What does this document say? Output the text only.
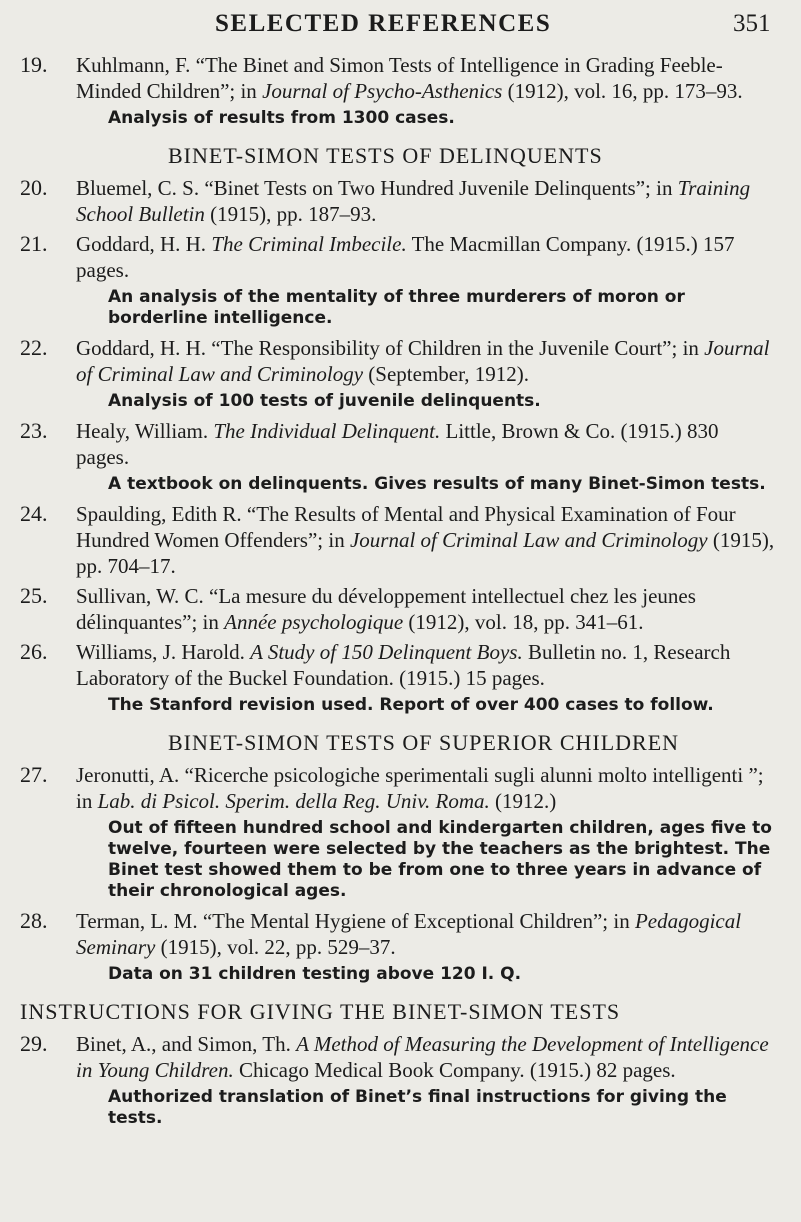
SELECTED REFERENCES	351
19. Kuhlmann, F. “The Binet and Simon Tests of Intelligence in Grading Feeble-Minded Children”; in Journal of Psycho-Asthenics (1912), vol. 16, pp. 173–93.
Analysis of results from 1300 cases.
BINET-SIMON TESTS OF DELINQUENTS
20. Bluemel, C. S. “Binet Tests on Two Hundred Juvenile Delinquents”; in Training School Bulletin (1915), pp. 187–93.
21. Goddard, H. H. The Criminal Imbecile. The Macmillan Company. (1915.) 157 pages.
An analysis of the mentality of three murderers of moron or borderline intelligence.
22. Goddard, H. H. “The Responsibility of Children in the Juvenile Court”; in Journal of Criminal Law and Criminology (September, 1912).
Analysis of 100 tests of juvenile delinquents.
23. Healy, William. The Individual Delinquent. Little, Brown & Co. (1915.) 830 pages.
A textbook on delinquents. Gives results of many Binet-Simon tests.
24. Spaulding, Edith R. “The Results of Mental and Physical Examination of Four Hundred Women Offenders”; in Journal of Criminal Law and Criminology (1915), pp. 704–17.
25. Sullivan, W. C. “La mesure du développement intellectuel chez les jeunes délinquantes”; in Année psychologique (1912), vol. 18, pp. 341–61.
26. Williams, J. Harold. A Study of 150 Delinquent Boys. Bulletin no. 1, Research Laboratory of the Buckel Foundation. (1915.) 15 pages.
The Stanford revision used. Report of over 400 cases to follow.
BINET-SIMON TESTS OF SUPERIOR CHILDREN
27. Jeronutti, A. “Ricerche psicologiche sperimentali sugli alunni molto intelligenti ”; in Lab. di Psicol. Sperim. della Reg. Univ. Roma. (1912.)
Out of fifteen hundred school and kindergarten children, ages five to twelve, fourteen were selected by the teachers as the brightest. The Binet test showed them to be from one to three years in advance of their chronological ages.
28. Terman, L. M. “The Mental Hygiene of Exceptional Children”; in Pedagogical Seminary (1915), vol. 22, pp. 529–37.
Data on 31 children testing above 120 I. Q.
INSTRUCTIONS FOR GIVING THE BINET-SIMON TESTS
29. Binet, A., and Simon, Th. A Method of Measuring the Development of Intelligence in Young Children. Chicago Medical Book Company. (1915.) 82 pages.
Authorized translation of Binet’s final instructions for giving the tests.
